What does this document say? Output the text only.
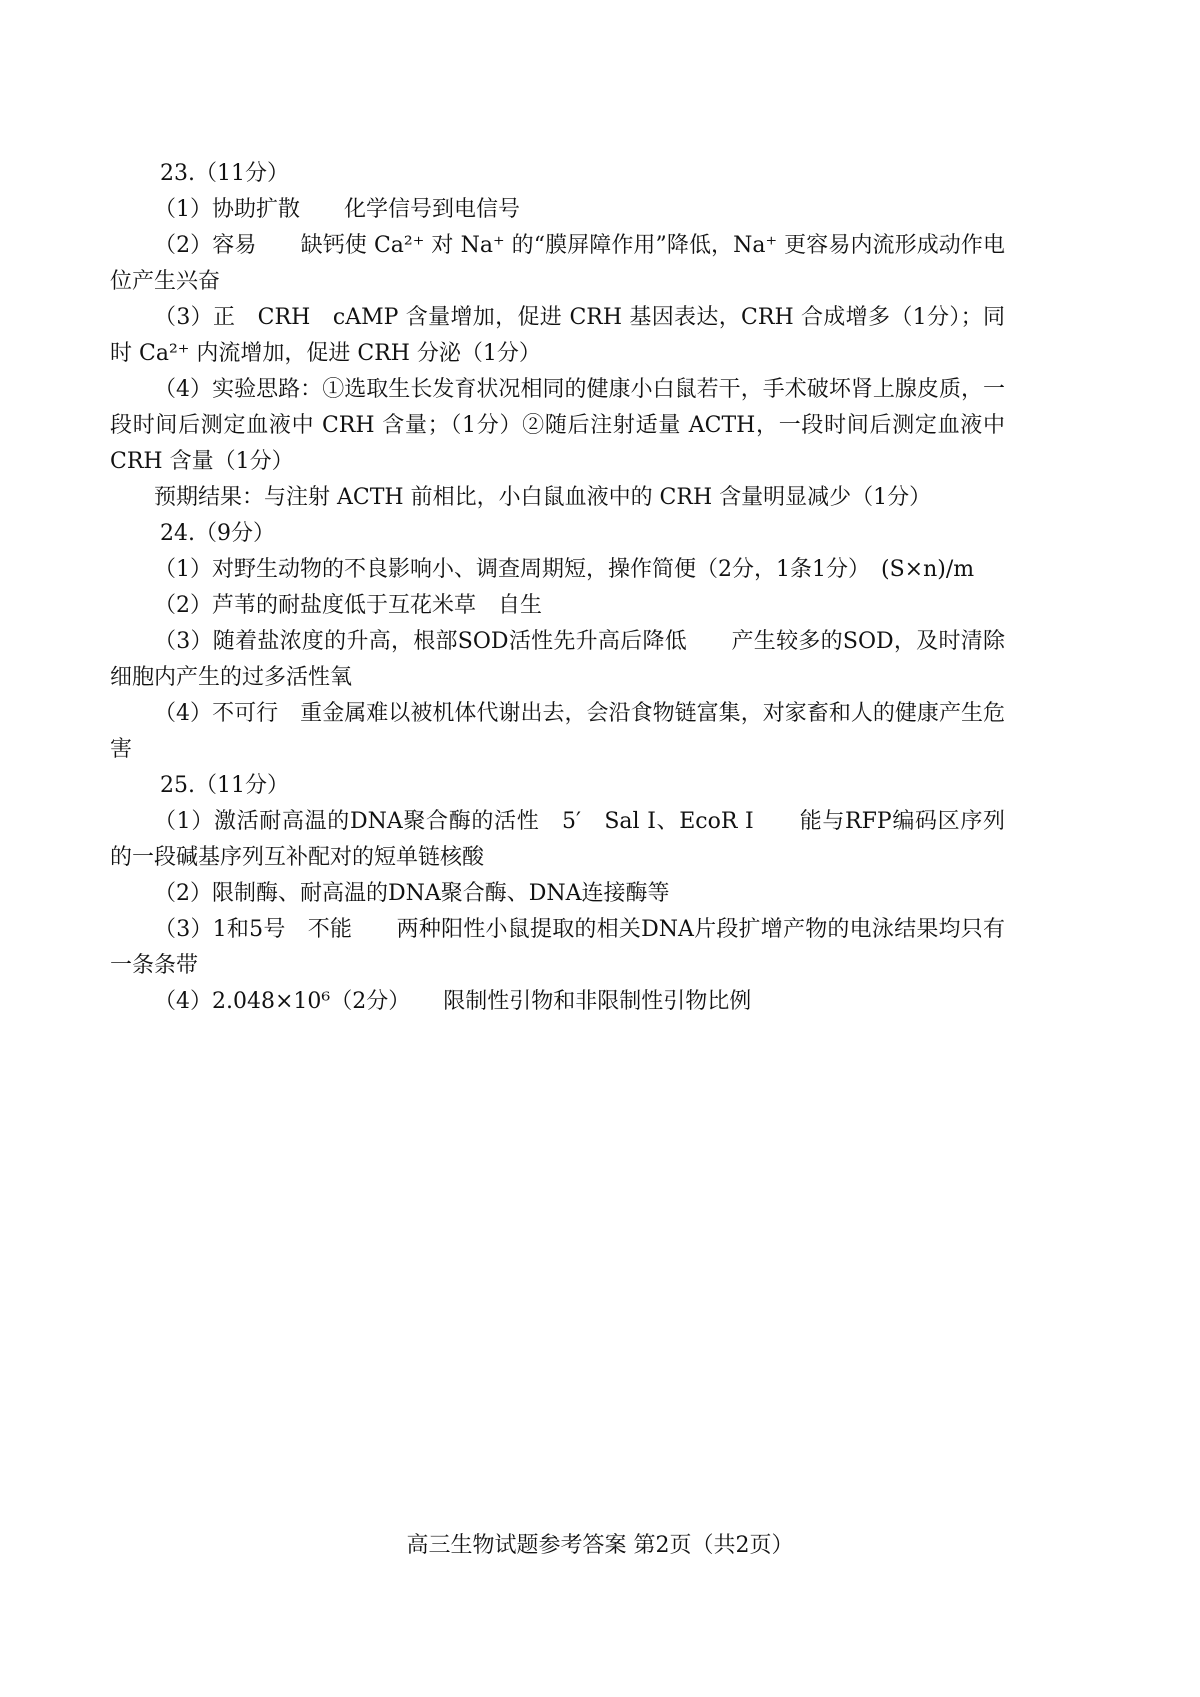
23.（11分）

（1）协助扩散　　化学信号到电信号

（2）容易　　缺钙使 Ca²⁺ 对 Na⁺ 的“膜屏障作用”降低，Na⁺ 更容易内流形成动作电位产生兴奋

（3）正　CRH　cAMP 含量增加，促进 CRH 基因表达，CRH 合成增多（1分）；同时 Ca²⁺ 内流增加，促进 CRH 分泌（1分）

（4）实验思路：①选取生长发育状况相同的健康小白鼠若干，手术破坏肾上腺皮质，一段时间后测定血液中 CRH 含量；（1分）②随后注射适量 ACTH，一段时间后测定血液中 CRH 含量（1分）

预期结果：与注射 ACTH 前相比，小白鼠血液中的 CRH 含量明显减少（1分）

24.（9分）

（1）对野生动物的不良影响小、调查周期短，操作简便（2分，1条1分）　(S×n)/m

（2）芦苇的耐盐度低于互花米草　自生

（3）随着盐浓度的升高，根部SOD活性先升高后降低　　产生较多的SOD，及时清除细胞内产生的过多活性氧

（4）不可行　重金属难以被机体代谢出去，会沿食物链富集，对家畜和人的健康产生危害

25.（11分）

（1）激活耐高温的DNA聚合酶的活性　5′　Sal Ⅰ、EcoR Ⅰ　　能与RFP编码区序列的一段碱基序列互补配对的短单链核酸

（2）限制酶、耐高温的DNA聚合酶、DNA连接酶等

（3）1和5号　不能　　两种阳性小鼠提取的相关DNA片段扩增产物的电泳结果均只有一条条带

（4）2.048×10⁶（2分）　　限制性引物和非限制性引物比例

高三生物试题参考答案 第2页（共2页）
